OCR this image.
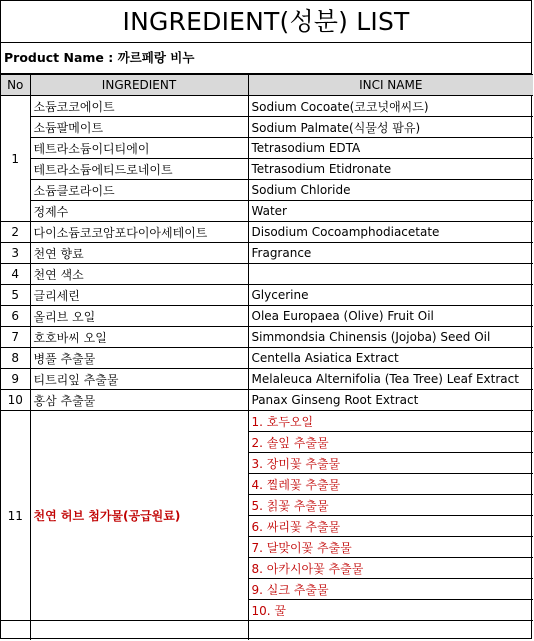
INGREDIENT(성분) LIST
Product Name : 까르페랑 비누
No	INGREDIENT	INCI NAME
1	소듐코코에이트	Sodium Cocoate(코코넛애씨드)
	소듐팔메이트	Sodium Palmate(식물성 팜유)
	테트라소듐이디티에이	Tetrasodium EDTA
	테트라소듐에티드로네이트	Tetrasodium Etidronate
	소듐클로라이드	Sodium Chloride
	정제수	Water
2	다이소듐코코암포다이아세테이트	Disodium Cocoamphodiacetate
3	천연 향료	Fragrance
4	천연 색소	
5	글리세린	Glycerine
6	올리브 오일	Olea Europaea (Olive) Fruit Oil
7	호호바씨 오일	Simmondsia Chinensis (Jojoba) Seed Oil
8	병풀 추출물	Centella Asiatica Extract
9	티트리잎 추출물	Melaleuca Alternifolia (Tea Tree) Leaf Extract
10	홍삼 추출물	Panax Ginseng Root Extract
11	천연 허브 첨가물(공급원료)	1. 호두오일
		2. 솔잎 추출물
		3. 장미꽃 추출물
		4. 찔레꽃 추출물
		5. 칡꽃 추출물
		6. 싸리꽃 추출물
		7. 달맞이꽃 추출물
		8. 아카시아꽃 추출물
		9. 실크 추출물
		10. 꿀
